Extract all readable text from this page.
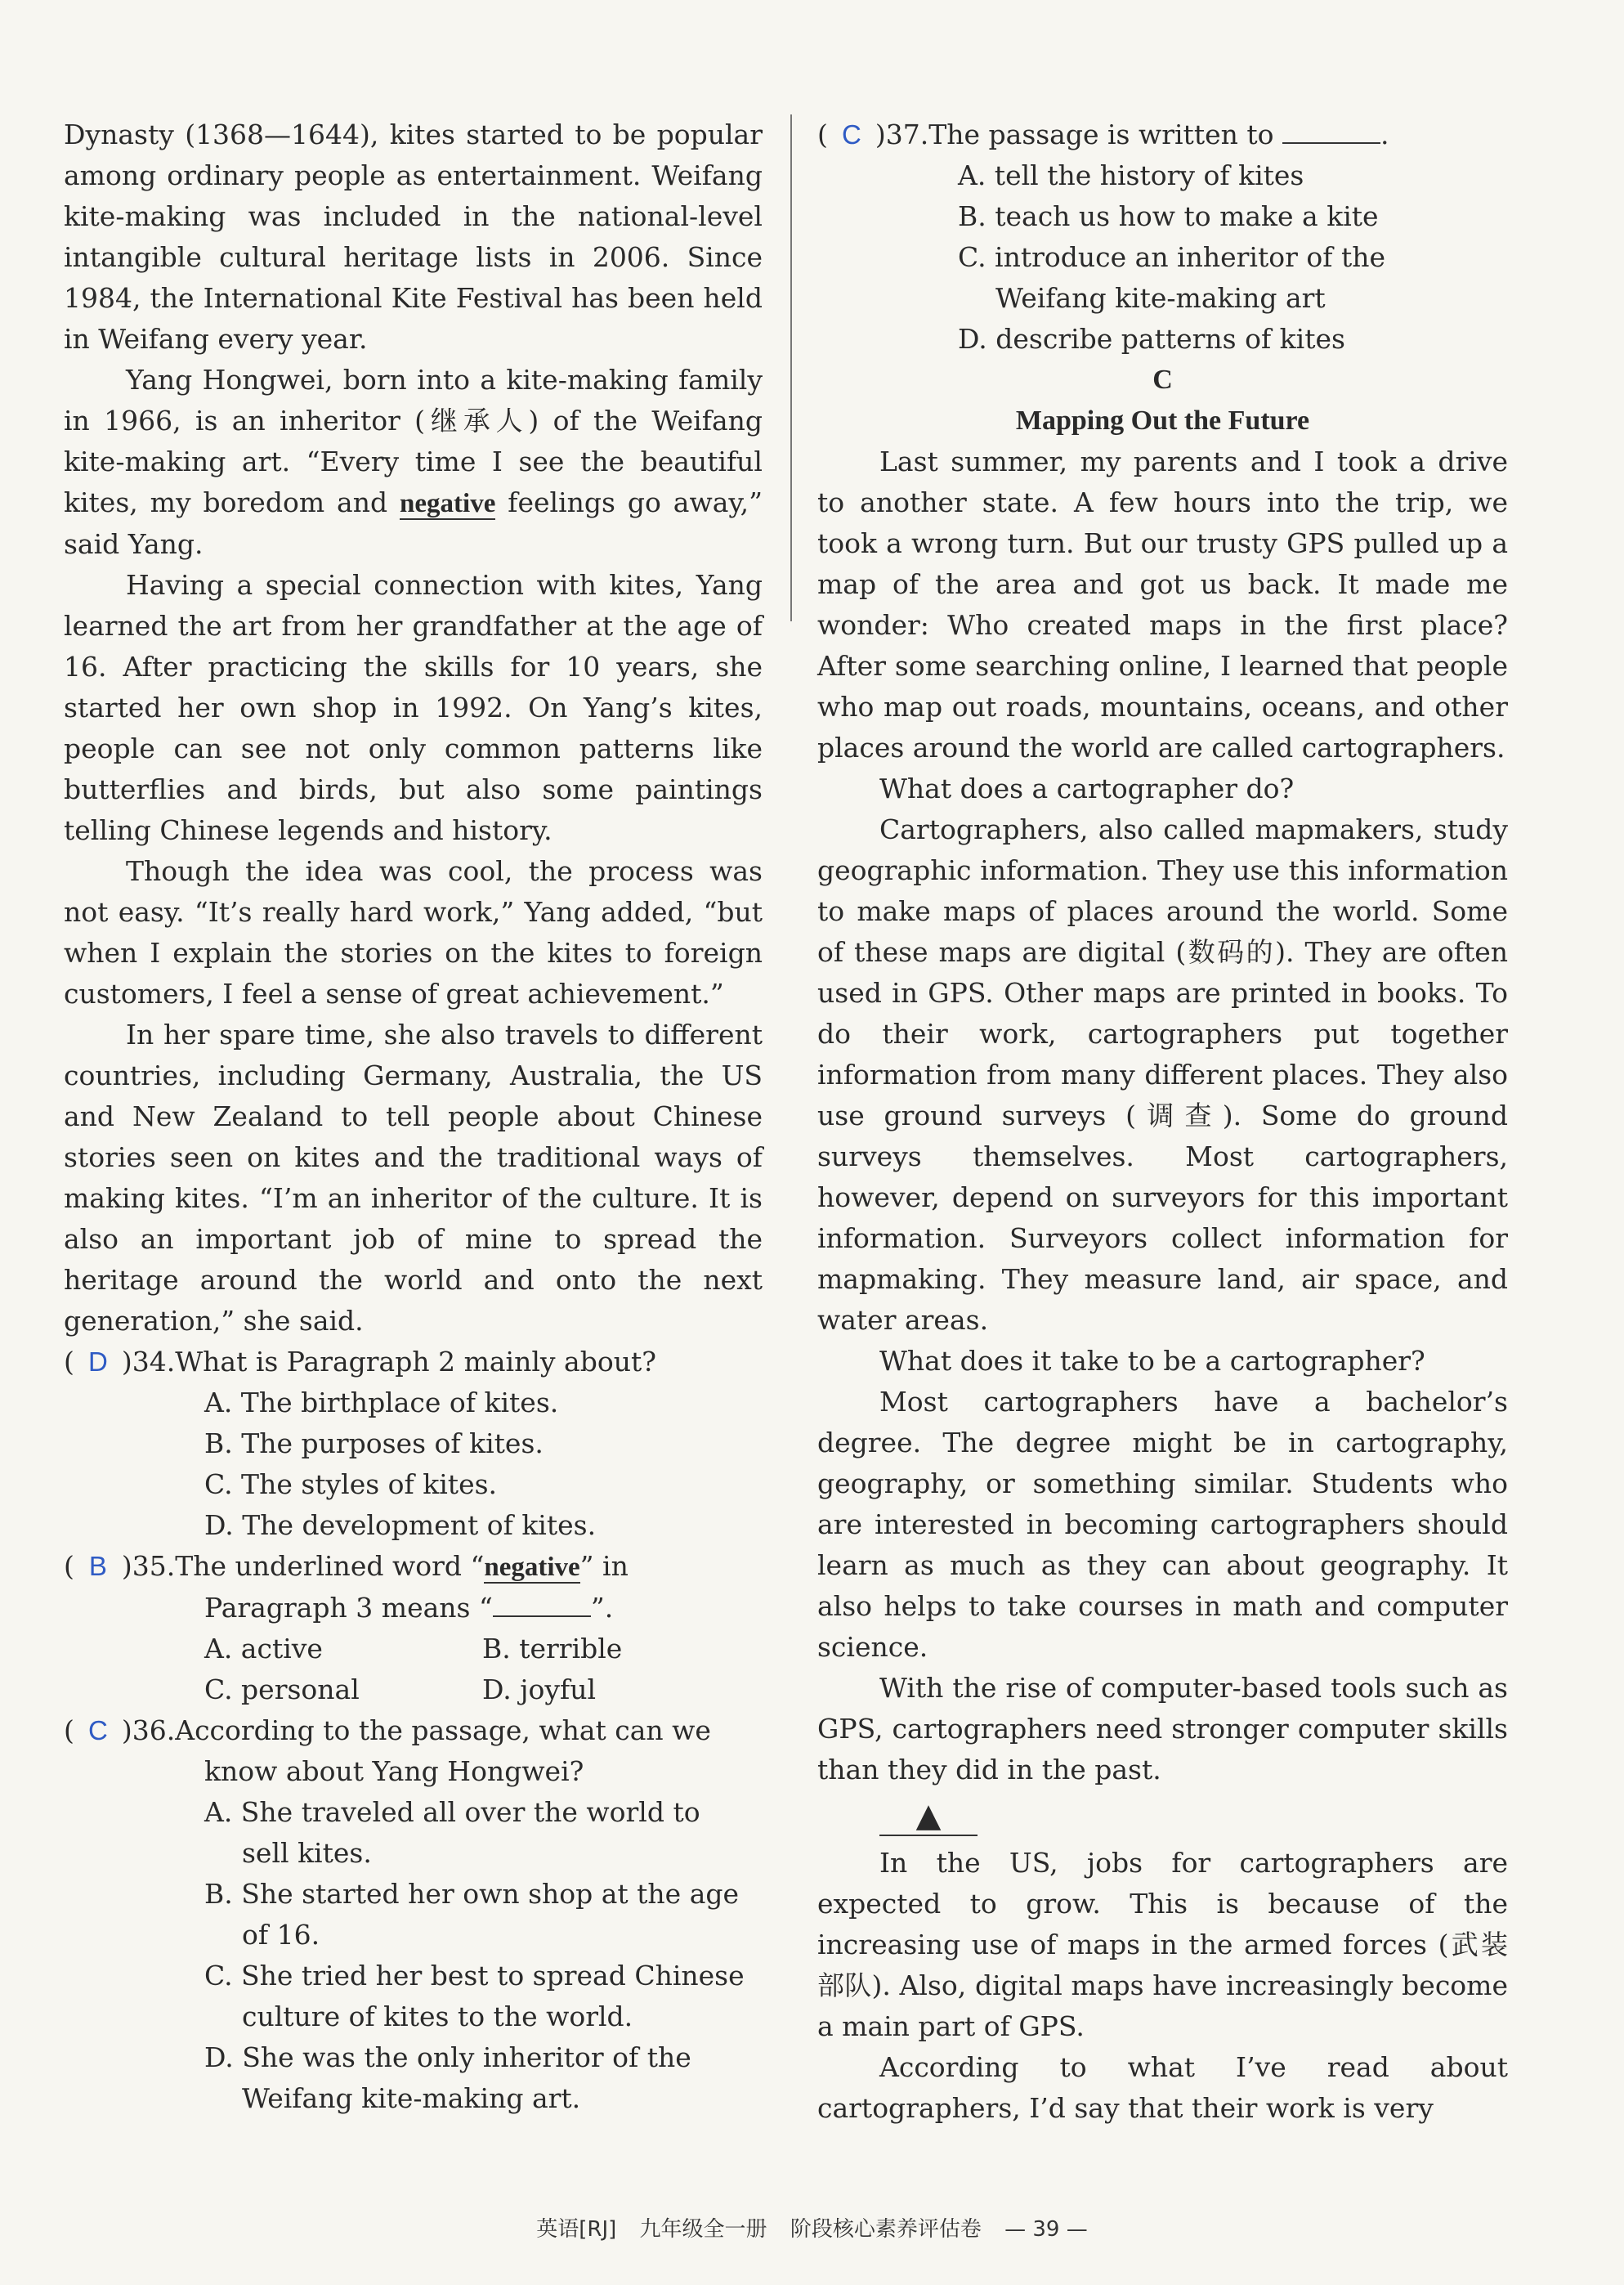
Dynasty (1368—1644), kites started to be popular among ordinary people as entertainment. Weifang kite-making was included in the national-level intangible cultural heritage lists in 2006. Since 1984, the International Kite Festival has been held in Weifang every year.

Yang Hongwei, born into a kite-making family in 1966, is an inheritor (继承人) of the Weifang kite-making art. “Every time I see the beautiful kites, my boredom and negative feelings go away,” said Yang.

Having a special connection with kites, Yang learned the art from her grandfather at the age of 16. After practicing the skills for 10 years, she started her own shop in 1992. On Yang’s kites, people can see not only common patterns like butterflies and birds, but also some paintings telling Chinese legends and history.

Though the idea was cool, the process was not easy. “It’s really hard work,” Yang added, “but when I explain the stories on the kites to foreign customers, I feel a sense of great achievement.”

In her spare time, she also travels to different countries, including Germany, Australia, the US and New Zealand to tell people about Chinese stories seen on kites and the traditional ways of making kites. “I’m an inheritor of the culture. It is also an important job of mine to spread the heritage around the world and onto the next generation,” she said.

( D )34. What is Paragraph 2 mainly about?
A. The birthplace of kites.
B. The purposes of kites.
C. The styles of kites.
D. The development of kites.
( B )35. The underlined word “negative” in
Paragraph 3 means “	”.
A. active	B. terrible
C. personal	D. joyful
( C )36. According to the passage, what can we
know about Yang Hongwei?
A. She traveled all over the world to
sell kites.
B. She started her own shop at the age
of 16.
C. She tried her best to spread Chinese
culture of kites to the world.
D. She was the only inheritor of the
Weifang kite-making art.
( C )37. The passage is written to	.
A. tell the history of kites
B. teach us how to make a kite
C. introduce an inheritor of the
Weifang kite-making art
D. describe patterns of kites
C
Mapping Out the Future

Last summer, my parents and I took a drive to another state. A few hours into the trip, we took a wrong turn. But our trusty GPS pulled up a map of the area and got us back. It made me wonder: Who created maps in the first place? After some searching online, I learned that people who map out roads, mountains, oceans, and other places around the world are called cartographers.

What does a cartographer do?

Cartographers, also called mapmakers, study geographic information. They use this information to make maps of places around the world. Some of these maps are digital (数码的). They are often used in GPS. Other maps are printed in books. To do their work, cartographers put together information from many different places. They also use ground surveys (调查). Some do ground surveys themselves. Most cartographers, however, depend on surveyors for this important information. Surveyors collect information for mapmaking. They measure land, air space, and water areas.

What does it take to be a cartographer?

Most cartographers have a bachelor’s degree. The degree might be in cartography, geography, or something similar. Students who are interested in becoming cartographers should learn as much as they can about geography. It also helps to take courses in math and computer science.

With the rise of computer-based tools such as GPS, cartographers need stronger computer skills than they did in the past.

▲

In the US, jobs for cartographers are expected to grow. This is because of the increasing use of maps in the armed forces (武装部队). Also, digital maps have increasingly become a main part of GPS.

According to what I’ve read about cartographers, I’d say that their work is very

英语[RJ] 九年级全一册 阶段核心素养评估卷 — 39 —
